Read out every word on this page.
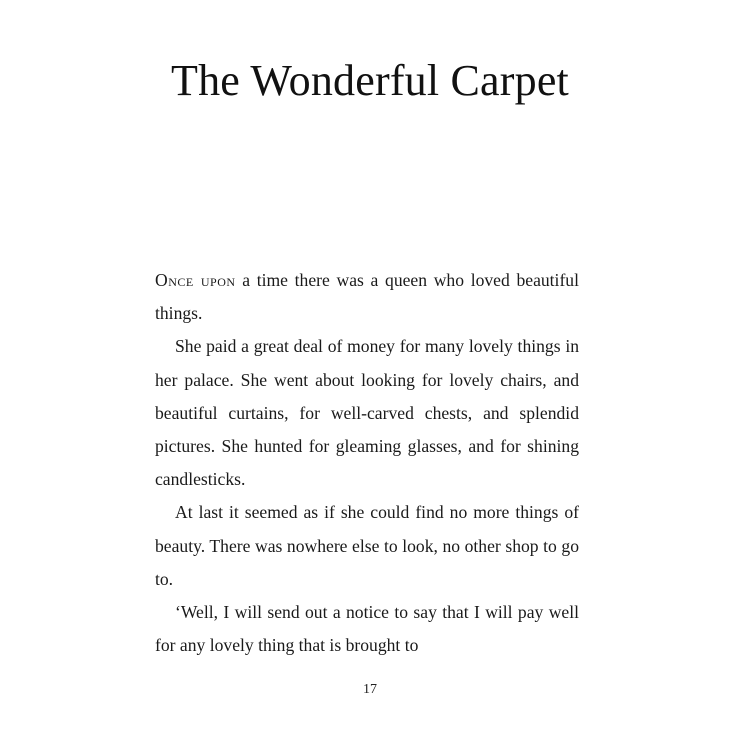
The Wonderful Carpet

Once upon a time there was a queen who loved beautiful things.

She paid a great deal of money for many lovely things in her palace. She went about looking for lovely chairs, and beautiful curtains, for well-carved chests, and splendid pictures. She hunted for gleaming glasses, and for shining candlesticks.

At last it seemed as if she could find no more things of beauty. There was nowhere else to look, no other shop to go to.

‘Well, I will send out a notice to say that I will pay well for any lovely thing that is brought to

17
